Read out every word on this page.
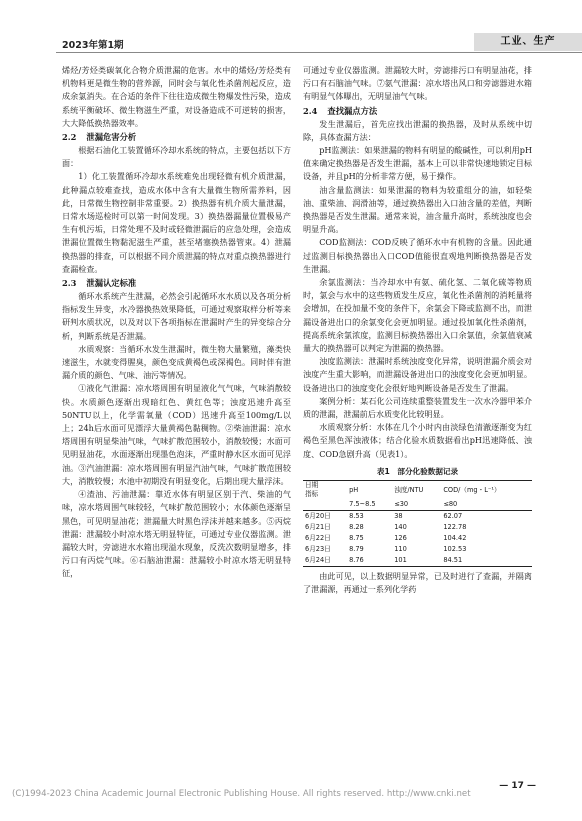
2023年第1期	工业、生产

烯烃/芳烃类碳氧化合物介质泄漏的危害。水中的烯烃/芳烃类有机物料更是微生物的营养源，同时会与氧化性杀菌剂起反应，造成余氯消失。在合适的条件下往往造成微生物爆发性污染，造成系统平衡破坏、微生物滋生严重，对设备造成不可逆转的损害，大大降低换热器效率。

2.2 泄漏危害分析

根据石油化工装置循环冷却水系统的特点，主要包括以下方面：

1）化工装置循环冷却水系统难免出现轻微有机介质泄漏，此种漏点较难查找，造成水体中含有大量微生物所需养料，因此，日常微生物控制非常重要。2）换热器有机介质大量泄漏，日常水场巡检时可以第一时间发现。3）换热器漏量位置极易产生有机污垢，日常处理不及时或轻微泄漏后的应急处理，会造成泄漏位置微生物黏泥滋生严重，甚至堵塞换热器管束。4）泄漏换热器的排查，可以根据不同介质泄漏的特点对重点换热器进行查漏检查。

2.3 泄漏认定标准

循环水系统产生泄漏，必然会引起循环水水质以及各项分析指标发生异变，水冷器换热效果降低，可通过观察取样分析等来研判水质状况，以及对以下各项指标在泄漏时产生的异变综合分析，判断系统是否泄漏。

水质观察：当循环水发生泄漏时，微生物大量繁殖，藻类快速滋生，水就变得腥臭，颜色变成黄褐色或深褐色。同时伴有泄漏介质的颜色、气味、油污等情况。

①液化气泄漏：凉水塔周围有明显液化气气味，气味消散较快。水质颜色逐渐出现暗红色、黄红色等；浊度迅速升高至50NTU以上，化学需氧量（COD）迅速升高至100mg/L以上；24h后水面可见漂浮大量黄褐色黏稠物。②柴油泄漏：凉水塔周围有明显柴油气味，气味扩散范围较小，消散较慢；水面可见明显油花，水面逐渐出现墨色泡沫，严重时静水区水面可见浮油。③汽油泄漏：凉水塔周围有明显汽油气味，气味扩散范围较大，消散较慢；水池中初期没有明显变化，后期出现大量浮沫。

④渣油、污油泄漏：靠近水体有明显区别于汽、柴油的气味，凉水塔周围气味较轻，气味扩散范围较小；水体颜色逐渐呈黑色，可见明显油花；泄漏量大时黑色浮沫并越来越多。⑤丙烷泄漏：泄漏较小时凉水塔无明显特征，可通过专业仪器监测。泄漏较大时，旁滤进水水箱出现溢水现象，反洗次数明显增多，排污口有丙烷气味。⑥石脑油泄漏：泄漏较小时凉水塔无明显特征，

可通过专业仪器监测。泄漏较大时，旁滤排污口有明显油花，排污口有石脑油气味。⑦氨气泄漏：凉水塔出风口和旁滤器进水箱有明显气体曝出，无明显油气气味。

2.4 查找漏点方法

发生泄漏后，首先应找出泄漏的换热器，及时从系统中切除，具体查漏方法：

pH监测法：如果泄漏的物料有明显的酸碱性，可以利用pH值来确定换热器是否发生泄漏，基本上可以非常快速地锁定目标设备，并且pH的分析非常方便，易于操作。

油含量监测法：如果泄漏的物料为较重组分的油，如轻柴油、重柴油、润滑油等，通过换热器出入口油含量的差值，判断换热器是否发生泄漏。通常来说，油含量升高时，系统浊度也会明显升高。

COD监测法：COD反映了循环水中有机物的含量。因此通过监测目标换热器出入口COD值能很直观地判断换热器是否发生泄漏。

余氯监测法：当冷却水中有氨、硫化氢、二氧化硫等物质时，氯会与水中的这些物质发生反应，氧化性杀菌剂的消耗量将会增加，在投加量不变的条件下，余氯会下降或监测不出，而泄漏设备进出口的余氯变化会更加明显。通过投加氧化性杀菌剂，提高系统余氯浓度，监测目标换热器出入口余氯值，余氯值衰减量大的换热器可以判定为泄漏的换热器。

浊度监测法：泄漏时系统浊度变化异常，说明泄漏介质会对浊度产生重大影响，而泄漏设备进出口的浊度变化会更加明显。设备进出口的浊度变化会很好地判断设备是否发生了泄漏。

案例分析：某石化公司连续重整装置发生一次水冷器甲苯介质的泄漏，泄漏前后水质变化比较明显。

水质观察分析：水体在几个小时内由淡绿色清澈逐渐变为红褐色至黑色浑浊液体；结合化验水质数据看出pH迅速降低、浊度、COD急剧升高（见表1）。

表1　部分化验数据记录
日期
指标	pH	浊度/NTU	COD/（mg・L⁻¹）
	7.5~8.5	≤30	≤80
6月20日	8.53	38	62.07
6月21日	8.28	140	122.78
6月22日	8.75	126	104.42
6月23日	8.79	110	102.53
6月24日	8.76	101	84.51

由此可见，以上数据明显异常，已及时进行了查漏，并隔离了泄漏源，再通过一系列化学药

— 17 —
(C)1994-2023 China Academic Journal Electronic Publishing House. All rights reserved. http://www.cnki.net
